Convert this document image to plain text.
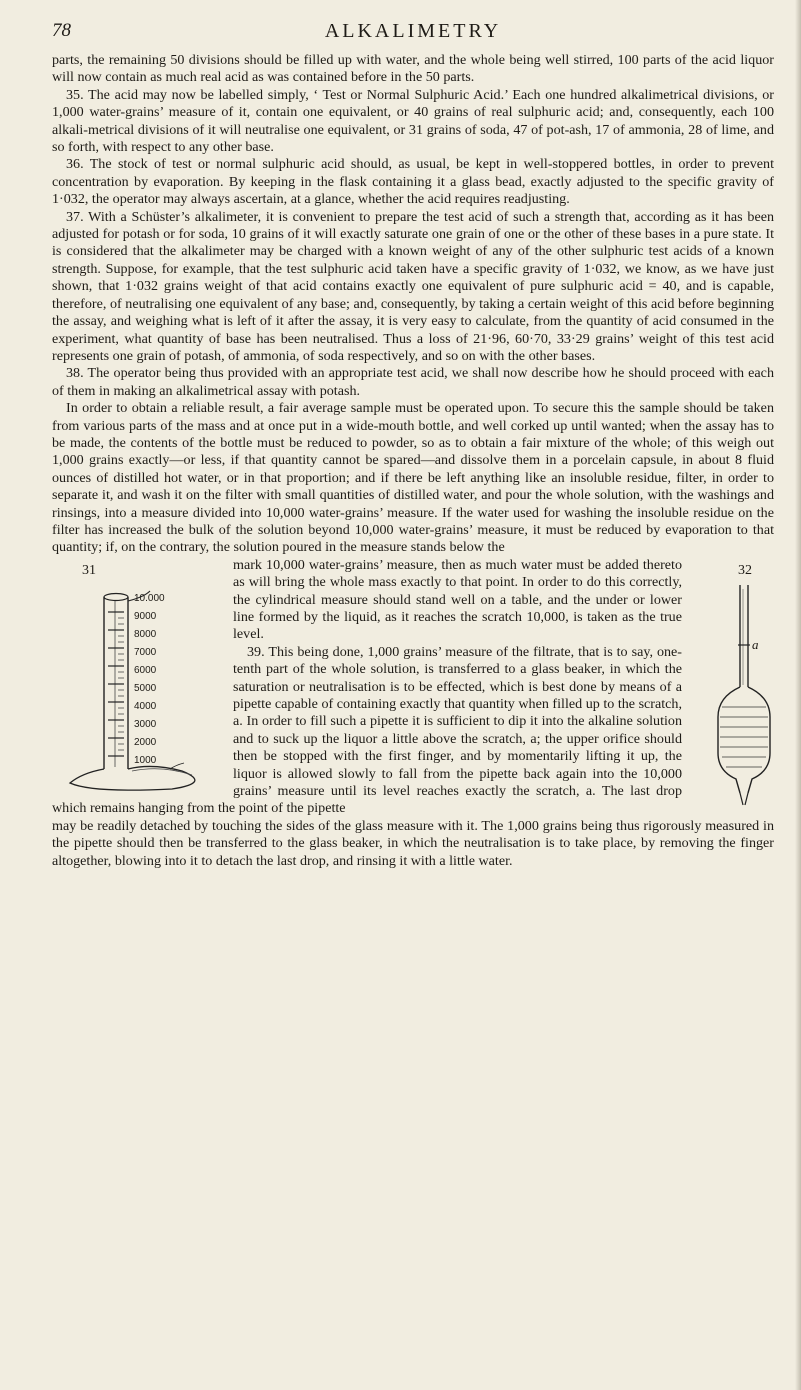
78	ALKALIMETRY

parts, the remaining 50 divisions should be filled up with water, and the whole being well stirred, 100 parts of the acid liquor will now contain as much real acid as was contained before in the 50 parts.

35. The acid may now be labelled simply, ‘ Test or Normal Sulphuric Acid.’ Each one hundred alkalimetrical divisions, or 1,000 water-grains’ measure of it, contain one equivalent, or 40 grains of real sulphuric acid; and, consequently, each 100 alkali-metrical divisions of it will neutralise one equivalent, or 31 grains of soda, 47 of pot-ash, 17 of ammonia, 28 of lime, and so forth, with respect to any other base.

36. The stock of test or normal sulphuric acid should, as usual, be kept in well-stoppered bottles, in order to prevent concentration by evaporation. By keeping in the flask containing it a glass bead, exactly adjusted to the specific gravity of 1·032, the operator may always ascertain, at a glance, whether the acid requires readjusting.

37. With a Schüster’s alkalimeter, it is convenient to prepare the test acid of such a strength that, according as it has been adjusted for potash or for soda, 10 grains of it will exactly saturate one grain of one or the other of these bases in a pure state. It is considered that the alkalimeter may be charged with a known weight of any of the other sulphuric test acids of a known strength. Suppose, for example, that the test sulphuric acid taken have a specific gravity of 1·032, we know, as we have just shown, that 1·032 grains weight of that acid contains exactly one equivalent of pure sulphuric acid = 40, and is capable, therefore, of neutralising one equivalent of any base; and, consequently, by taking a certain weight of this acid before beginning the assay, and weighing what is left of it after the assay, it is very easy to calculate, from the quantity of acid consumed in the experiment, what quantity of base has been neutralised. Thus a loss of 21·96, 60·70, 33·29 grains’ weight of this test acid represents one grain of potash, of ammonia, of soda respectively, and so on with the other bases.

38. The operator being thus provided with an appropriate test acid, we shall now describe how he should proceed with each of them in making an alkalimetrical assay with potash.

In order to obtain a reliable result, a fair average sample must be operated upon. To secure this the sample should be taken from various parts of the mass and at once put in a wide-mouth bottle, and well corked up until wanted; when the assay has to be made, the contents of the bottle must be reduced to powder, so as to obtain a fair mixture of the whole; of this weigh out 1,000 grains exactly—or less, if that quantity cannot be spared—and dissolve them in a porcelain capsule, in about 8 fluid ounces of distilled hot water, or in that proportion; and if there be left anything like an insoluble residue, filter, in order to separate it, and wash it on the filter with small quantities of distilled water, and pour the whole solution, with the washings and rinsings, into a measure divided into 10,000 water-grains’ measure. If the water used for washing the insoluble residue on the filter has increased the bulk of the solution beyond 10,000 water-grains’ measure, it must be reduced by evaporation to that quantity; if, on the contrary, the solution poured in the measure stands below the

31
10.000
9000
8000
7000
6000
5000
4000
3000
2000
1000
32
a

mark 10,000 water-grains’ measure, then as much water must be added thereto as will bring the whole mass exactly to that point. In order to do this correctly, the cylindrical measure should stand well on a table, and the under or lower line formed by the liquid, as it reaches the scratch 10,000, is taken as the true level.

39. This being done, 1,000 grains’ measure of the filtrate, that is to say, one-tenth part of the whole solution, is transferred to a glass beaker, in which the saturation or neutralisation is to be effected, which is best done by means of a pipette capable of containing exactly that quantity when filled up to the scratch, a. In order to fill such a pipette it is sufficient to dip it into the alkaline solution and to suck up the liquor a little above the scratch, a; the upper orifice should then be stopped with the first finger, and by momentarily lifting it up, the liquor is allowed slowly to fall from the pipette back again into the 10,000 grains’ measure until its level reaches exactly the scratch, a. The last drop which remains hanging from the point of the pipette

may be readily detached by touching the sides of the glass measure with it. The 1,000 grains being thus rigorously measured in the pipette should then be transferred to the glass beaker, in which the neutralisation is to take place, by removing the finger altogether, blowing into it to detach the last drop, and rinsing it with a little water.
